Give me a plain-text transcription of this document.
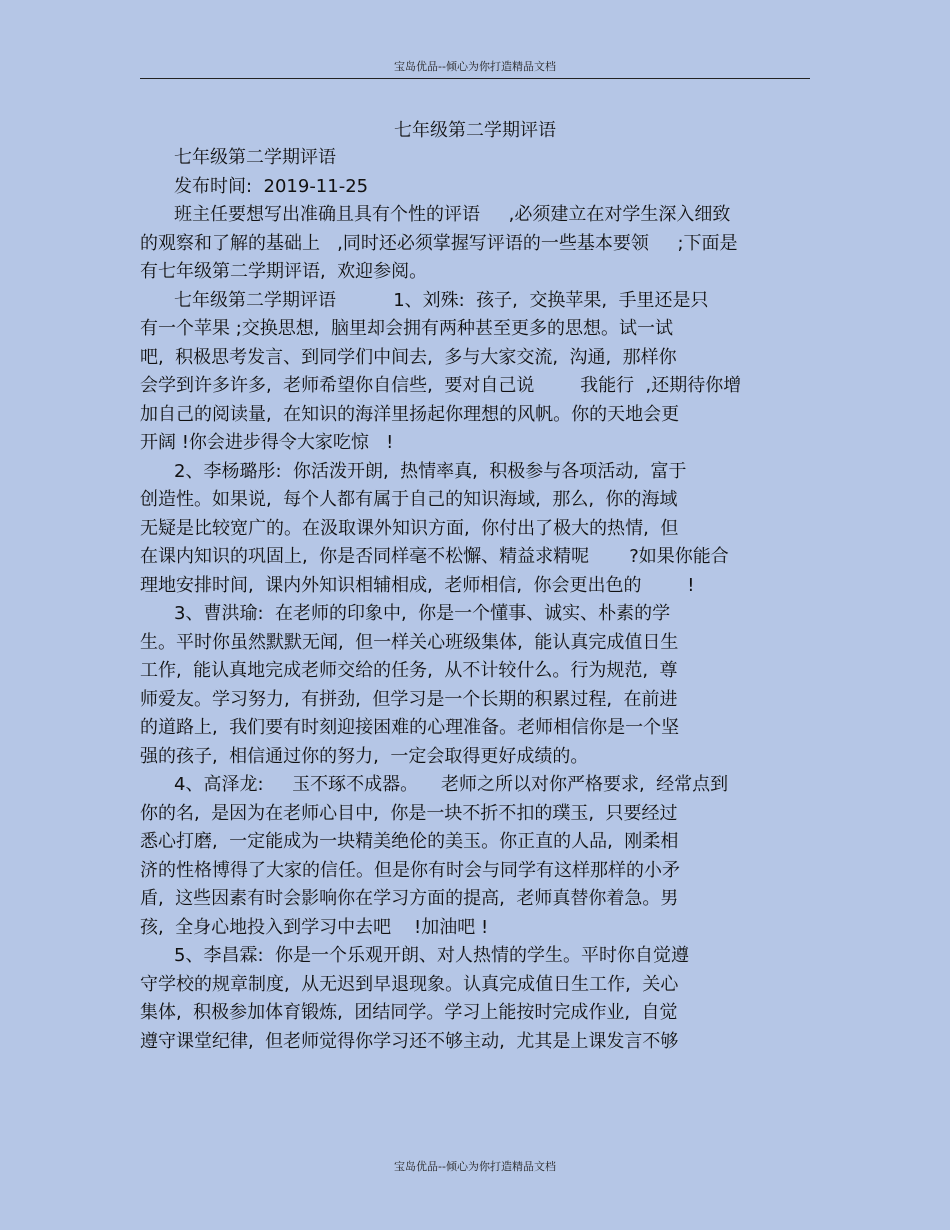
宝岛优品--倾心为你打造精品文档
七年级第二学期评语
七年级第二学期评语
发布时间:  2019-11-25
班主任要想写出准确且具有个性的评语     ,必须建立在对学生深入细致
的观察和了解的基础上   ,同时还必须掌握写评语的一些基本要领     ;下面是
有七年级第二学期评语,  欢迎参阅。
七年级第二学期评语          1、刘殊:  孩子,  交换苹果,  手里还是只
有一个苹果 ;交换思想,  脑里却会拥有两种甚至更多的思想。试一试
吧,  积极思考发言、到同学们中间去,  多与大家交流,  沟通,  那样你
会学到许多许多,  老师希望你自信些,  要对自己说        我能行  ,还期待你增
加自己的阅读量,  在知识的海洋里扬起你理想的风帆。你的天地会更
开阔 !你会进步得令大家吃惊   !
2、李杨璐彤:  你活泼开朗,  热情率真,  积极参与各项活动,  富于
创造性。如果说,  每个人都有属于自己的知识海域,  那么,  你的海域
无疑是比较宽广的。在汲取课外知识方面,  你付出了极大的热情,  但
在课内知识的巩固上,  你是否同样毫不松懈、精益求精呢       ?如果你能合
理地安排时间,  课内外知识相辅相成,  老师相信,  你会更出色的        !
3、曹洪瑜:  在老师的印象中,  你是一个懂事、诚实、朴素的学
生。平时你虽然默默无闻,  但一样关心班级集体,  能认真完成值日生
工作,  能认真地完成老师交给的任务,  从不计较什么。行为规范,  尊
师爱友。学习努力,  有拼劲,  但学习是一个长期的积累过程,  在前进
的道路上,  我们要有时刻迎接困难的心理准备。老师相信你是一个坚
强的孩子,  相信通过你的努力,  一定会取得更好成绩的。
4、高泽龙:     玉不琢不成器。    老师之所以对你严格要求,  经常点到
你的名,  是因为在老师心目中,  你是一块不折不扣的璞玉,  只要经过
悉心打磨,  一定能成为一块精美绝伦的美玉。你正直的人品,  刚柔相
济的性格博得了大家的信任。但是你有时会与同学有这样那样的小矛
盾,  这些因素有时会影响你在学习方面的提高,  老师真替你着急。男
孩,  全身心地投入到学习中去吧    !加油吧 !
5、李昌霖:  你是一个乐观开朗、对人热情的学生。平时你自觉遵
守学校的规章制度,  从无迟到早退现象。认真完成值日生工作,  关心
集体,  积极参加体育锻炼,  团结同学。学习上能按时完成作业,  自觉
遵守课堂纪律,  但老师觉得你学习还不够主动,  尤其是上课发言不够
宝岛优品--倾心为你打造精品文档
